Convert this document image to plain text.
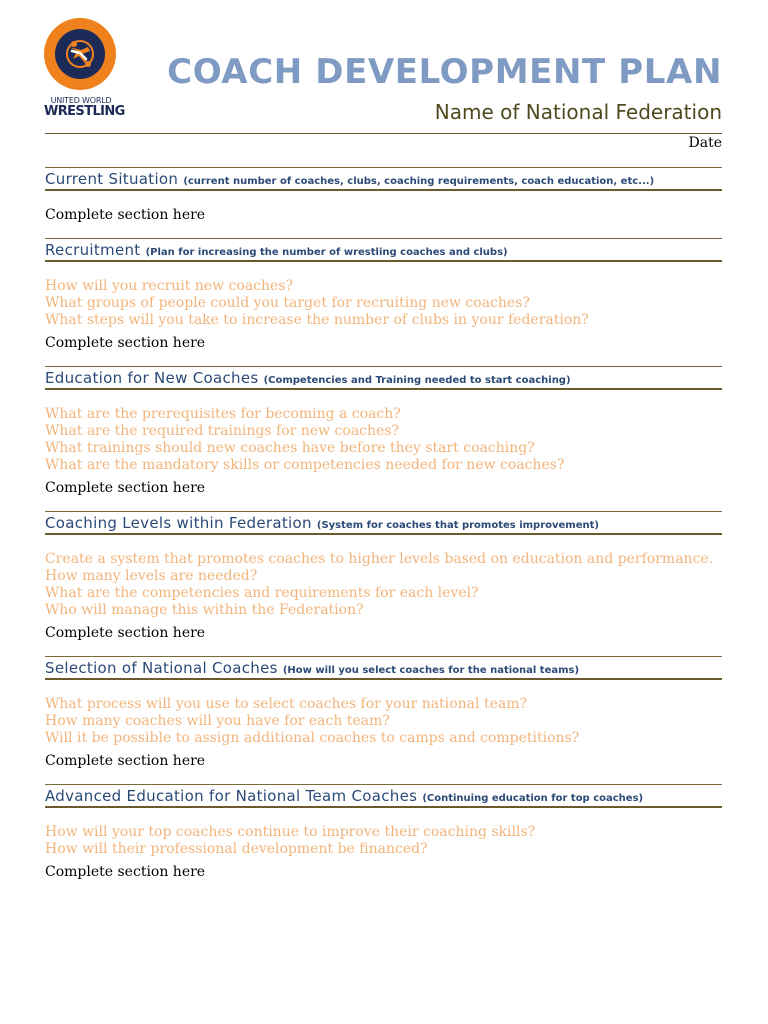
UNITED WORLD
WRESTLING
COACH DEVELOPMENT PLAN
Name of National Federation
Date
Current Situation (current number of coaches, clubs, coaching requirements, coach education, etc...)
Complete section here
Recruitment (Plan for increasing the number of wrestling coaches and clubs)
How will you recruit new coaches?
What groups of people could you target for recruiting new coaches?
What steps will you take to increase the number of clubs in your federation?
Complete section here
Education for New Coaches (Competencies and Training needed to start coaching)
What are the prerequisites for becoming a coach?
What are the required trainings for new coaches?
What trainings should new coaches have before they start coaching?
What are the mandatory skills or competencies needed for new coaches?
Complete section here
Coaching Levels within Federation (System for coaches that promotes improvement)
Create a system that promotes coaches to higher levels based on education and performance.
How many levels are needed?
What are the competencies and requirements for each level?
Who will manage this within the Federation?
Complete section here
Selection of National Coaches (How will you select coaches for the national teams)
What process will you use to select coaches for your national team?
How many coaches will you have for each team?
Will it be possible to assign additional coaches to camps and competitions?
Complete section here
Advanced Education for National Team Coaches (Continuing education for top coaches)
How will your top coaches continue to improve their coaching skills?
How will their professional development be financed?
Complete section here
